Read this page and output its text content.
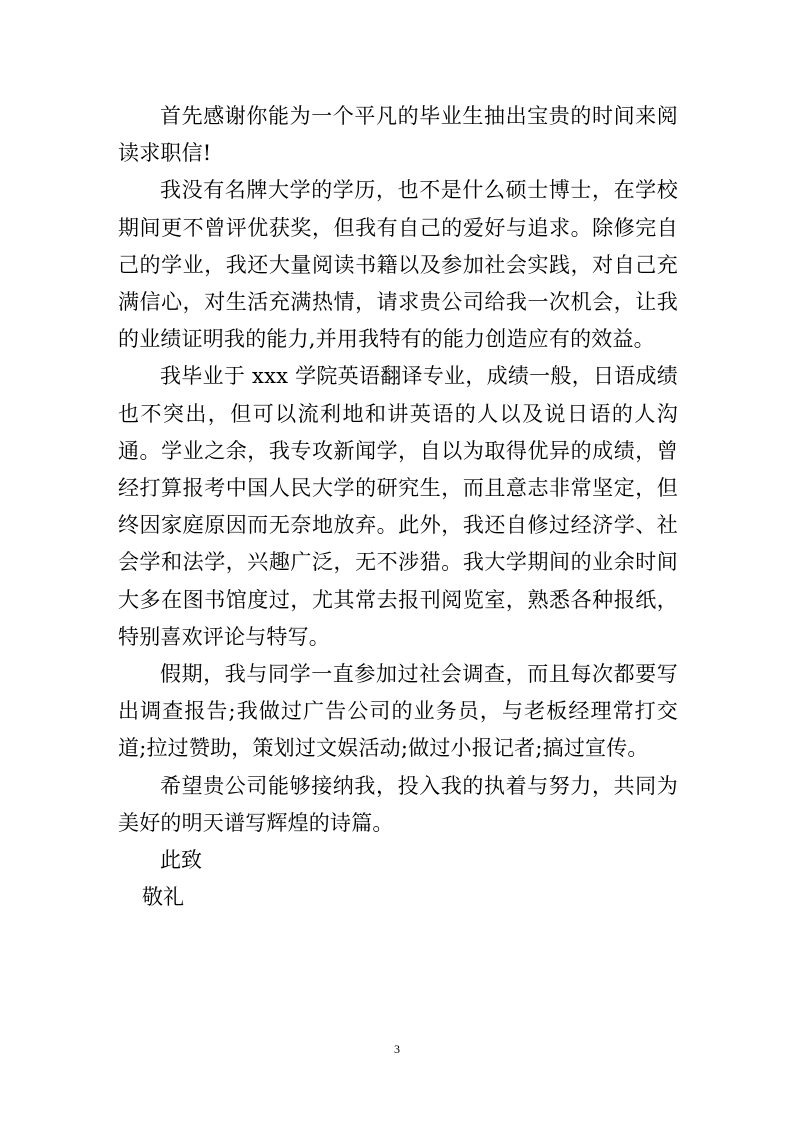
首先感谢你能为一个平凡的毕业生抽出宝贵的时间来阅读求职信!

我没有名牌大学的学历，也不是什么硕士博士，在学校期间更不曾评优获奖，但我有自己的爱好与追求。除修完自己的学业，我还大量阅读书籍以及参加社会实践，对自己充满信心，对生活充满热情，请求贵公司给我一次机会，让我的业绩证明我的能力,并用我特有的能力创造应有的效益。

我毕业于 xxx 学院英语翻译专业，成绩一般，日语成绩也不突出，但可以流利地和讲英语的人以及说日语的人沟通。学业之余，我专攻新闻学，自以为取得优异的成绩，曾经打算报考中国人民大学的研究生，而且意志非常坚定，但终因家庭原因而无奈地放弃。此外，我还自修过经济学、社会学和法学，兴趣广泛，无不涉猎。我大学期间的业余时间大多在图书馆度过，尤其常去报刊阅览室，熟悉各种报纸，特别喜欢评论与特写。

假期，我与同学一直参加过社会调查，而且每次都要写出调查报告;我做过广告公司的业务员，与老板经理常打交道;拉过赞助，策划过文娱活动;做过小报记者;搞过宣传。

希望贵公司能够接纳我，投入我的执着与努力，共同为美好的明天谱写辉煌的诗篇。

此致

敬礼

3
